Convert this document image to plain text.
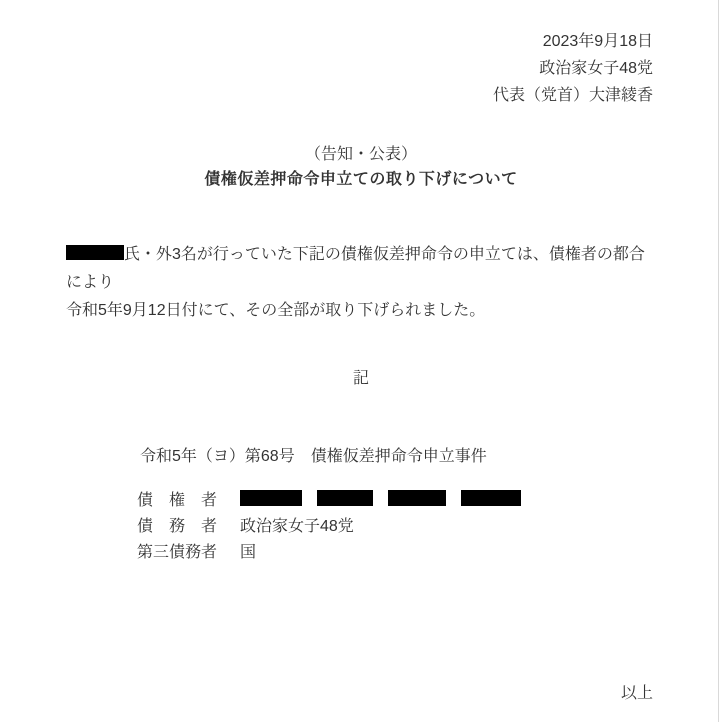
2023年9月18日
政治家女子48党
代表（党首）大津綾香
（告知・公表）
債権仮差押命令申立ての取り下げについて

氏・外3名が行っていた下記の債権仮差押命令の申立ては、債権者の都合により
令和5年9月12日付にて、その全部が取り下げられました。

記
令和5年（ヨ）第68号　債権仮差押命令申立事件
債権者
債務者 政治家女子48党
第三債務者 国
以上
